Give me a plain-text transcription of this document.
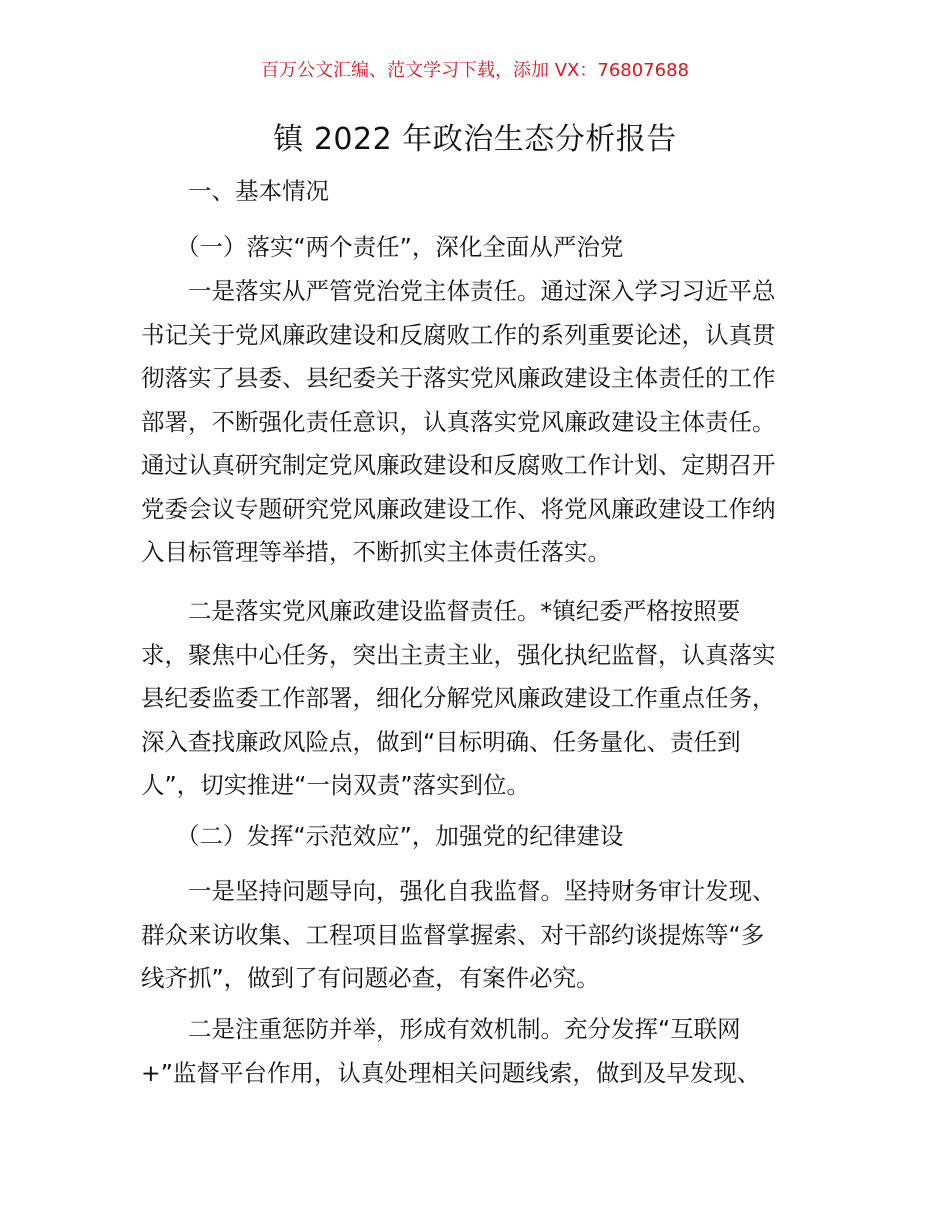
百万公文汇编、范文学习下载，添加 VX：76807688
镇 2022 年政治生态分析报告
一、基本情况
（一）落实“两个责任”，深化全面从严治党
一是落实从严管党治党主体责任。通过深入学习习近平总
书记关于党风廉政建设和反腐败工作的系列重要论述，认真贯
彻落实了县委、县纪委关于落实党风廉政建设主体责任的工作
部署，不断强化责任意识，认真落实党风廉政建设主体责任。
通过认真研究制定党风廉政建设和反腐败工作计划、定期召开
党委会议专题研究党风廉政建设工作、将党风廉政建设工作纳
入目标管理等举措，不断抓实主体责任落实。
二是落实党风廉政建设监督责任。*镇纪委严格按照要
求，聚焦中心任务，突出主责主业，强化执纪监督，认真落实
县纪委监委工作部署，细化分解党风廉政建设工作重点任务，
深入查找廉政风险点，做到“目标明确、任务量化、责任到
人”，切实推进“一岗双责”落实到位。
（二）发挥“示范效应”，加强党的纪律建设
一是坚持问题导向，强化自我监督。坚持财务审计发现、
群众来访收集、工程项目监督掌握索、对干部约谈提炼等“多
线齐抓”，做到了有问题必查，有案件必究。
二是注重惩防并举，形成有效机制。充分发挥“互联网
+”监督平台作用，认真处理相关问题线索，做到及早发现、
